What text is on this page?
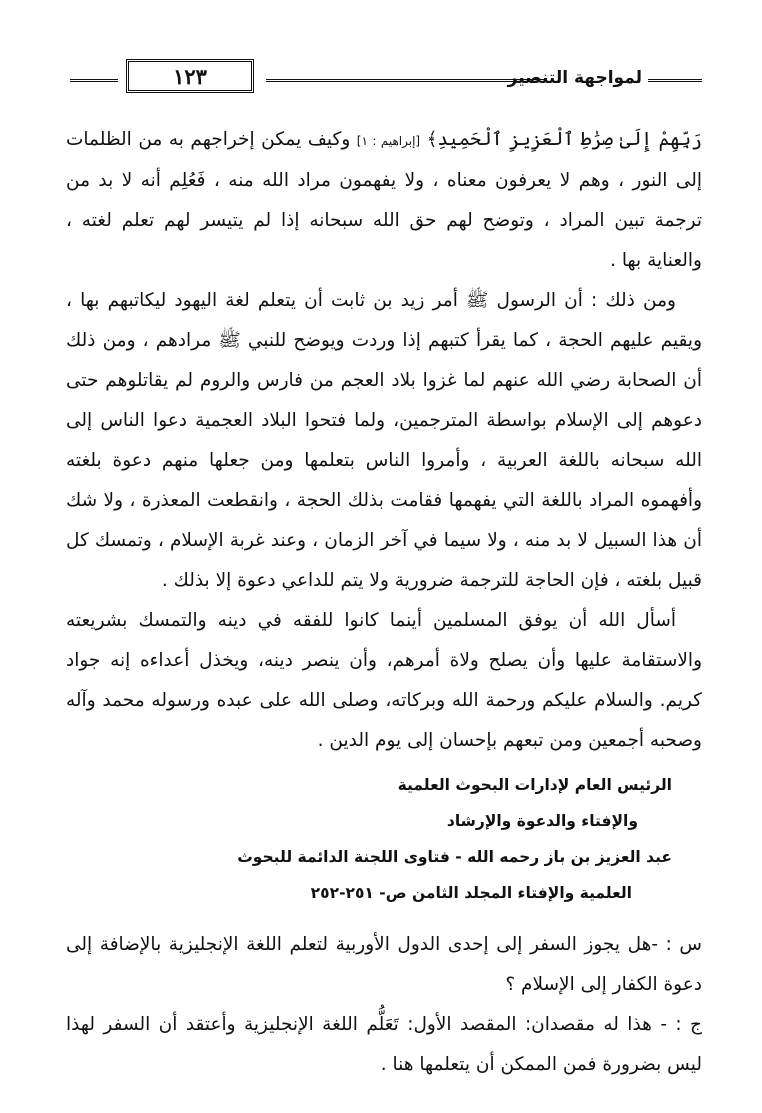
لمواجهة التنصير
١٢٣

رَبِّهِمْ إِلَىٰ صِرَٰطِ ٱلْعَزِيزِ ٱلْحَمِيدِ﴾ [إبراهيم : ١] وكيف يمكن إخراجهم به من الظلمات إلى النور ، وهم لا يعرفون معناه ، ولا يفهمون مراد الله منه ، فَعُلِم أنه لا بد من ترجمة تبين المراد ، وتوضح لهم حق الله سبحانه إذا لم يتيسر لهم تعلم لغته ، والعناية بها .

ومن ذلك : أن الرسول ﷺ أمر زيد بن ثابت أن يتعلم لغة اليهود ليكاتبهم بها ، ويقيم عليهم الحجة ، كما يقرأ كتبهم إذا وردت ويوضح للنبي ﷺ مرادهم ، ومن ذلك أن الصحابة رضي الله عنهم لما غزوا بلاد العجم من فارس والروم لم يقاتلوهم حتى دعوهم إلى الإسلام بواسطة المترجمين، ولما فتحوا البلاد العجمية دعوا الناس إلى الله سبحانه باللغة العربية ، وأمروا الناس بتعلمها ومن جعلها منهم دعوة بلغته وأفهموه المراد باللغة التي يفهمها فقامت بذلك الحجة ، وانقطعت المعذرة ، ولا شك أن هذا السبيل لا بد منه ، ولا سيما في آخر الزمان ، وعند غربة الإسلام ، وتمسك كل قبيل بلغته ، فإن الحاجة للترجمة ضرورية ولا يتم للداعي دعوة إلا بذلك .

أسأل الله أن يوفق المسلمين أينما كانوا للفقه في دينه والتمسك بشريعته والاستقامة عليها وأن يصلح ولاة أمرهم، وأن ينصر دينه، ويخذل أعداءه إنه جواد كريم. والسلام عليكم ورحمة الله وبركاته، وصلى الله على عبده ورسوله محمد وآله وصحبه أجمعين ومن تبعهم بإحسان إلى يوم الدين .

الرئيس العام لإدارات البحوث العلمية
والإفتاء والدعوة والإرشاد
عبد العزيز بن باز رحمه الله - فتاوى اللجنة الدائمة للبحوث
العلمية والإفتاء المجلد الثامن ص- ٢٥١-٢٥٢

س : -هل يجوز السفر إلى إحدى الدول الأوربية لتعلم اللغة الإنجليزية بالإضافة إلى دعوة الكفار إلى الإسلام ؟

ج : - هذا له مقصدان: المقصد الأول: تَعَلُّم اللغة الإنجليزية وأعتقد أن السفر لهذا ليس بضرورة فمن الممكن أن يتعلمها هنا .
